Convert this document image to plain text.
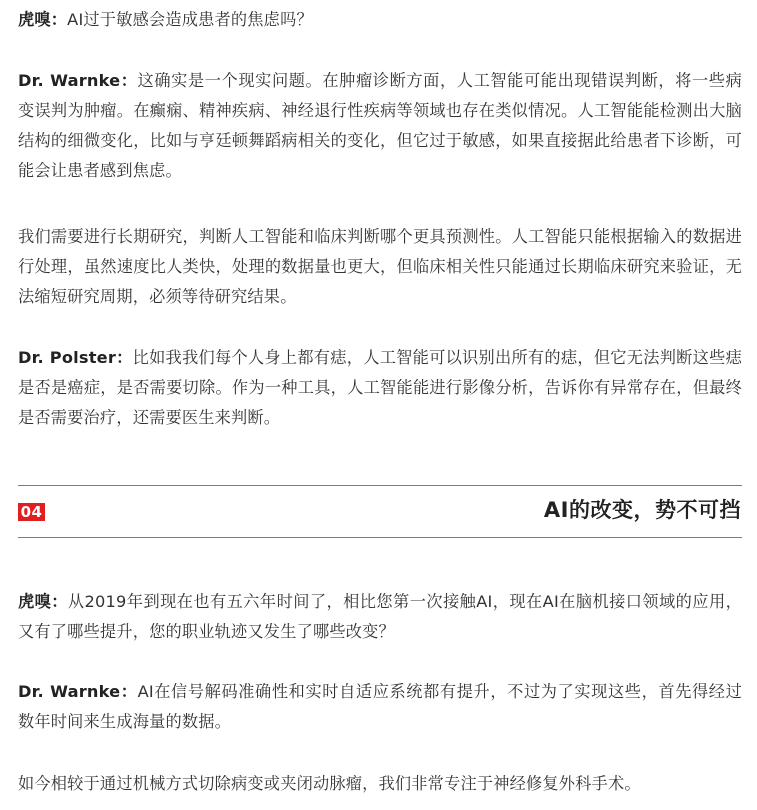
虎嗅：AI过于敏感会造成患者的焦虑吗？

Dr. Warnke：这确实是一个现实问题。在肿瘤诊断方面，人工智能可能出现错误判断，将一些病变误判为肿瘤。在癫痫、精神疾病、神经退行性疾病等领域也存在类似情况。人工智能能检测出大脑结构的细微变化，比如与亨廷顿舞蹈病相关的变化，但它过于敏感，如果直接据此给患者下诊断，可能会让患者感到焦虑。

我们需要进行长期研究，判断人工智能和临床判断哪个更具预测性。人工智能只能根据输入的数据进行处理，虽然速度比人类快，处理的数据量也更大，但临床相关性只能通过长期临床研究来验证，无法缩短研究周期，必须等待研究结果。

Dr. Polster：比如我我们每个人身上都有痣，人工智能可以识别出所有的痣，但它无法判断这些痣是否是癌症，是否需要切除。作为一种工具，人工智能能进行影像分析，告诉你有异常存在，但最终是否需要治疗，还需要医生来判断。

04	AI的改变，势不可挡

虎嗅：从2019年到现在也有五六年时间了，相比您第一次接触AI，现在AI在脑机接口领域的应用，又有了哪些提升，您的职业轨迹又发生了哪些改变？

Dr. Warnke：AI在信号解码准确性和实时自适应系统都有提升，不过为了实现这些，首先得经过数年时间来生成海量的数据。

如今相较于通过机械方式切除病变或夹闭动脉瘤，我们非常专注于神经修复外科手术。
